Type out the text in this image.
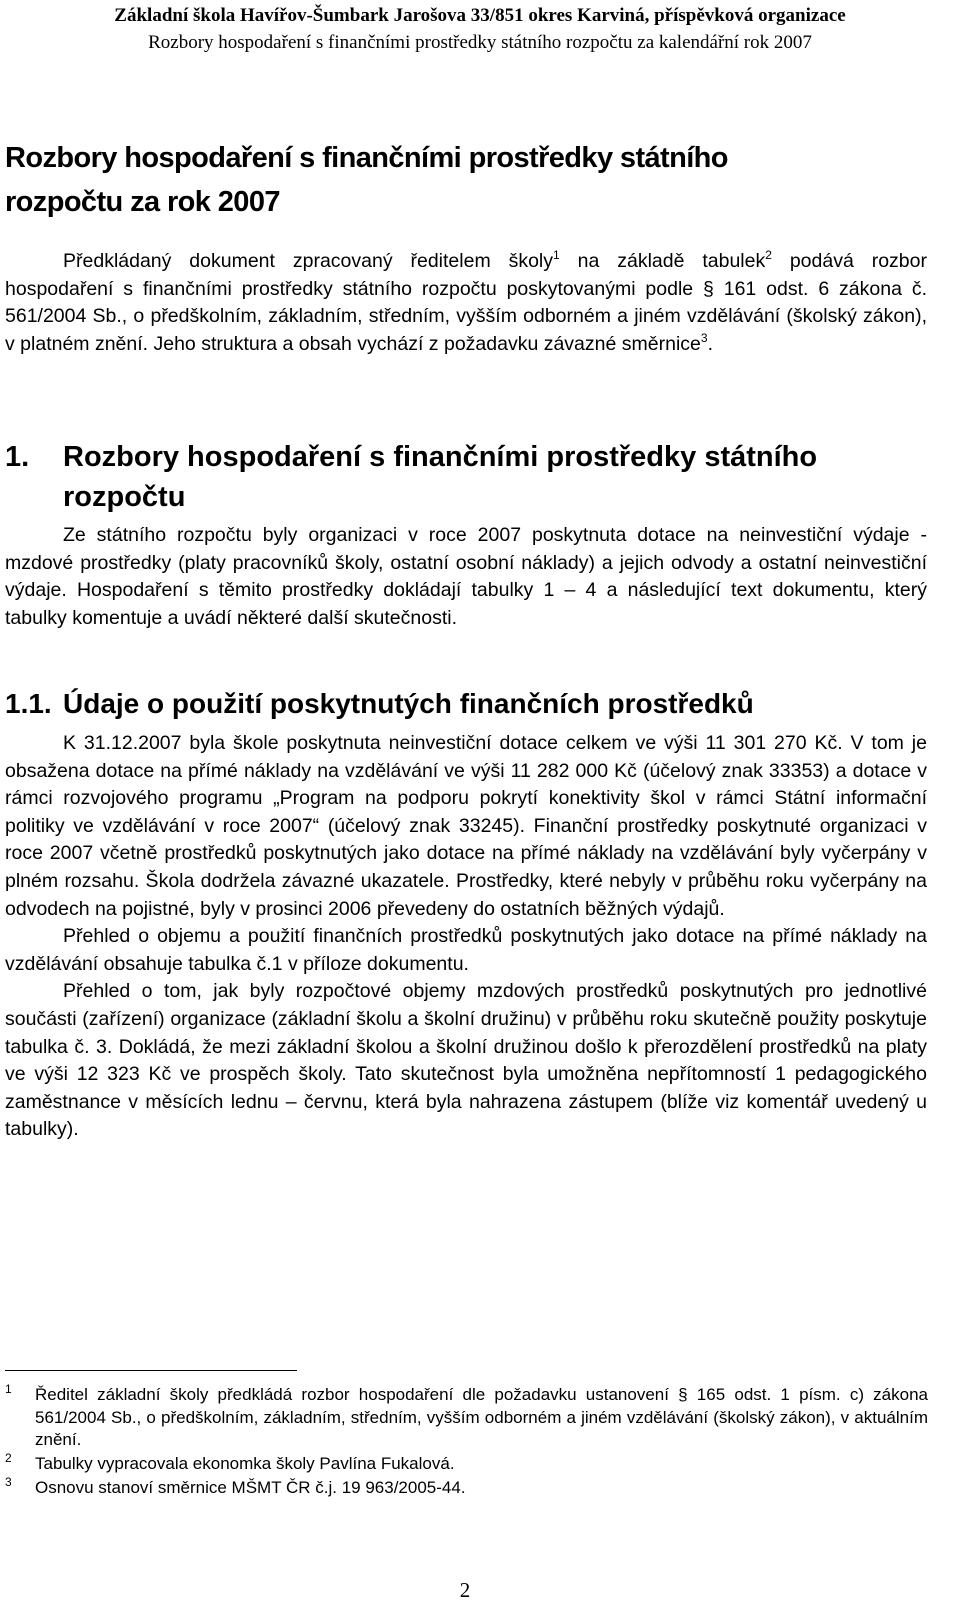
Základní škola Havířov-Šumbark Jarošova 33/851 okres Karviná, příspěvková organizace
Rozbory hospodaření s finančními prostředky státního rozpočtu za kalendářní rok 2007
Rozbory hospodaření s finančními prostředky státního
rozpočtu za rok 2007
Předkládaný dokument zpracovaný ředitelem školy$^1$ na základě tabulek$^2$ podává rozbor hospodaření s finančními prostředky státního rozpočtu poskytovanými podle § 161 odst. 6 zákona č. 561/2004 Sb., o předškolním, základním, středním, vyšším odborném a jiném vzdělávání (školský zákon), v platném znění. Jeho struktura a obsah vychází z požadavku závazné směrnice$^3$.
1. Rozbory hospodaření s finančními prostředky státního
rozpočtu
Ze státního rozpočtu byly organizaci v roce 2007 poskytnuta dotace na neinvestiční výdaje - mzdové prostředky (platy pracovníků školy, ostatní osobní náklady) a jejich odvody a ostatní neinvestiční výdaje. Hospodaření s těmito prostředky dokládají tabulky 1 – 4 a následující text dokumentu, který tabulky komentuje a uvádí některé další skutečnosti.
1.1. Údaje o použití poskytnutých finančních prostředků
K 31.12.2007 byla škole poskytnuta neinvestiční dotace celkem ve výši 11 301 270 Kč. V tom je obsažena dotace na přímé náklady na vzdělávání ve výši 11 282 000 Kč (účelový znak 33353) a dotace v rámci rozvojového programu „Program na podporu pokrytí konektivity škol v rámci Státní informační politiky ve vzdělávání v roce 2007“ (účelový znak 33245). Finanční prostředky poskytnuté organizaci v roce 2007 včetně prostředků poskytnutých jako dotace na přímé náklady na vzdělávání byly vyčerpány v plném rozsahu. Škola dodržela závazné ukazatele. Prostředky, které nebyly v průběhu roku vyčerpány na odvodech na pojistné, byly v prosinci 2006 převedeny do ostatních běžných výdajů.
Přehled o objemu a použití finančních prostředků poskytnutých jako dotace na přímé náklady na vzdělávání obsahuje tabulka č.1 v příloze dokumentu.
Přehled o tom, jak byly rozpočtové objemy mzdových prostředků poskytnutých pro jednotlivé součásti (zařízení) organizace (základní školu a školní družinu) v průběhu roku skutečně použity poskytuje tabulka č. 3. Dokládá, že mezi základní školou a školní družinou došlo k přerozdělení prostředků na platy ve výši 12 323 Kč ve prospěch školy. Tato skutečnost byla umožněna nepřítomností 1 pedagogického zaměstnance v měsících lednu – červnu, která byla nahrazena zástupem (blíže viz komentář uvedený u tabulky).
1 Ředitel základní školy předkládá rozbor hospodaření dle požadavku ustanovení § 165 odst. 1 písm. c) zákona 561/2004 Sb., o předškolním, základním, středním, vyšším odborném a jiném vzdělávání (školský zákon), v aktuálním znění.
2 Tabulky vypracovala ekonomka školy Pavlína Fukalová.
3 Osnovu stanoví směrnice MŠMT ČR č.j. 19 963/2005-44.
2
